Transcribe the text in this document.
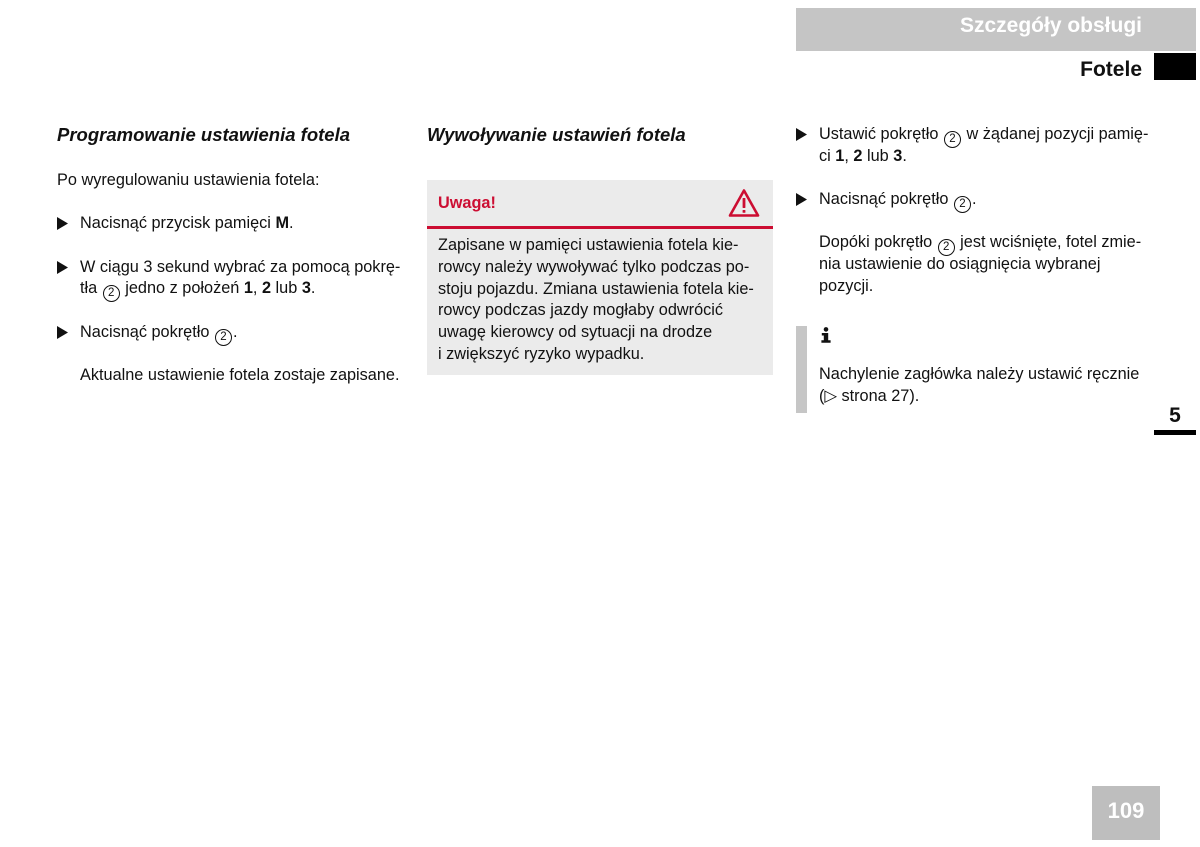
Szczegóły obsługi
Fotele
Programowanie ustawienia fotela
Po wyregulowaniu ustawienia fotela:
Nacisnąć przycisk pamięci M.
W ciągu 3 sekund wybrać za pomocą pokrę-
tła 2 jedno z położeń 1, 2 lub 3.
Nacisnąć pokrętło 2 .
Aktualne ustawienie fotela zostaje zapisane.
Wywoływanie ustawień fotela
Uwaga!
Zapisane w pamięci ustawienia fotela kie-
rowcy należy wywoływać tylko podczas po-
stoju pojazdu. Zmiana ustawienia fotela kie-
rowcy podczas jazdy mogłaby odwrócić
uwagę kierowcy od sytuacji na drodze
i zwiększyć ryzyko wypadku.
Ustawić pokrętło 2 w żądanej pozycji pamię-
ci 1, 2 lub 3.
Nacisnąć pokrętło 2 .
Dopóki pokrętło 2 jest wciśnięte, fotel zmie-
nia ustawienie do osiągnięcia wybranej
pozycji.
Nachylenie zagłówka należy ustawić ręcznie
(▷ strona 27).
5
109
